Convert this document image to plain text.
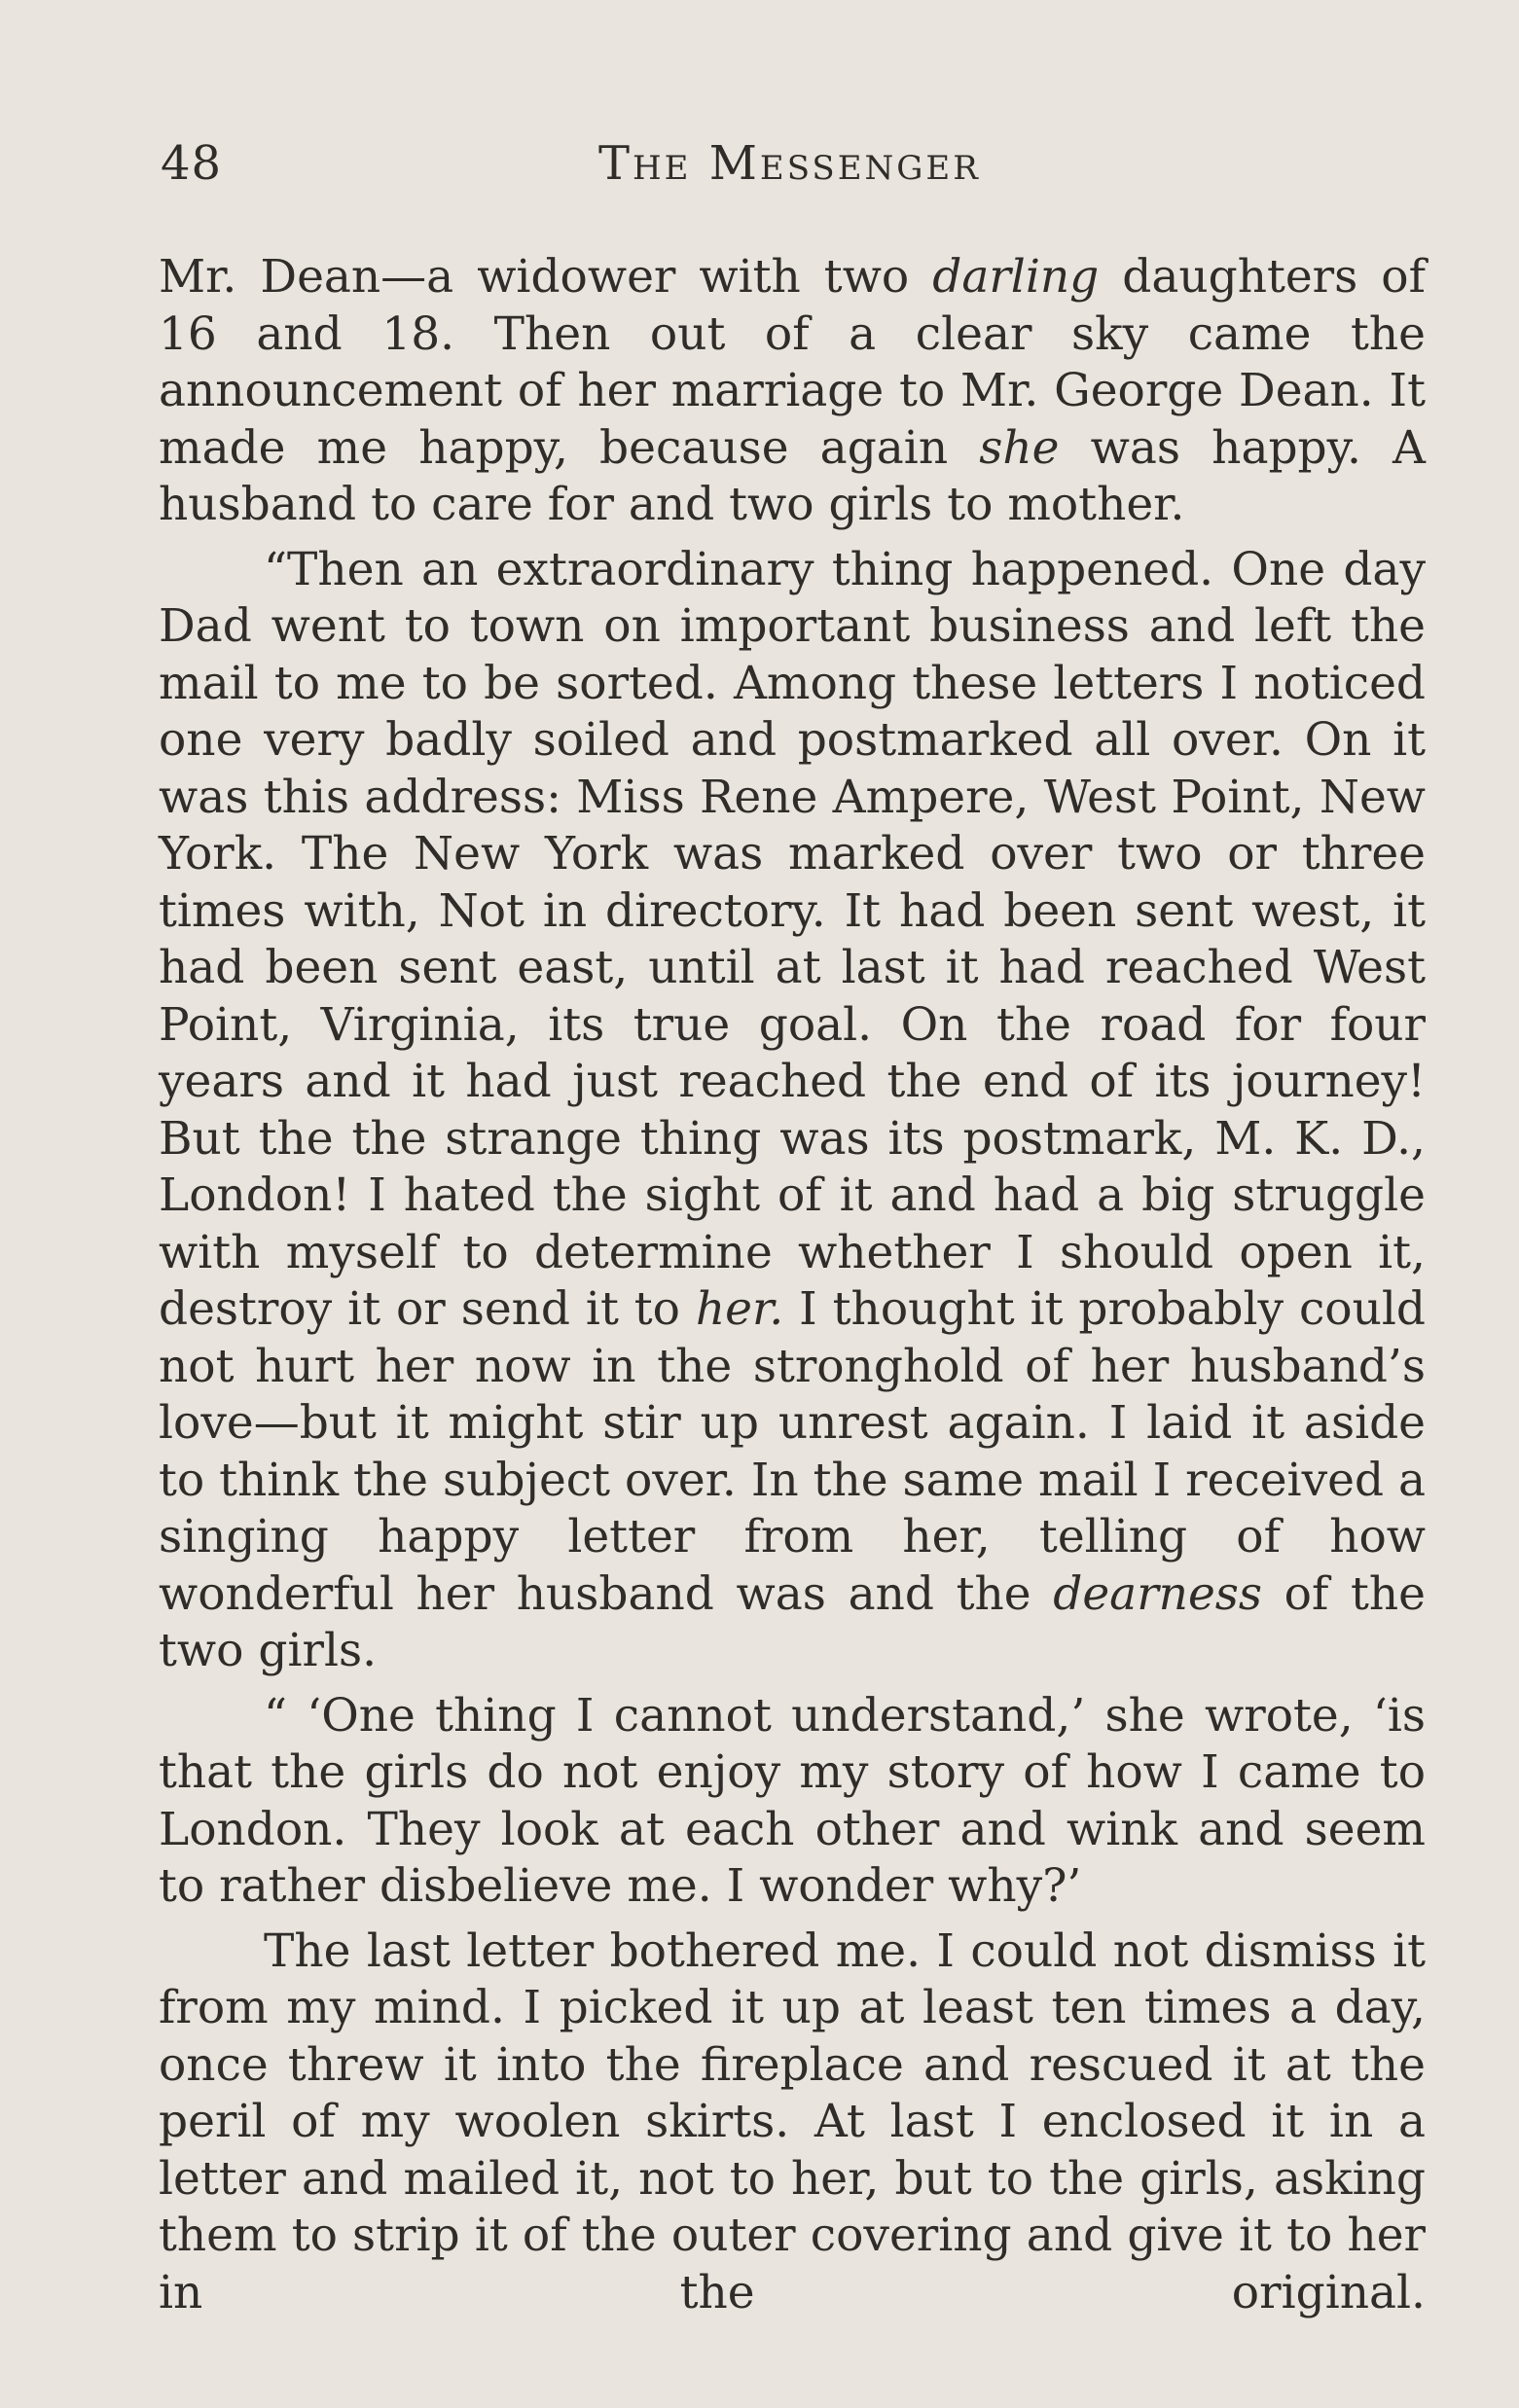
48	The Messenger

Mr. Dean—a widower with two darling daughters of 16 and 18. Then out of a clear sky came the announcement of her marriage to Mr. George Dean. It made me happy, because again she was happy. A husband to care for and two girls to mother.

“Then an extraordinary thing happened. One day Dad went to town on important business and left the mail to me to be sorted. Among these letters I noticed one very badly soiled and postmarked all over. On it was this address: Miss Rene Ampere, West Point, New York. The New York was marked over two or three times with, Not in directory. It had been sent west, it had been sent east, until at last it had reached West Point, Virginia, its true goal. On the road for four years and it had just reached the end of its journey! But the the strange thing was its postmark, M. K. D., London! I hated the sight of it and had a big struggle with myself to determine whether I should open it, destroy it or send it to her. I thought it probably could not hurt her now in the stronghold of her husband’s love—but it might stir up unrest again. I laid it aside to think the subject over. In the same mail I received a singing happy letter from her, telling of how wonderful her husband was and the dearness of the two girls.

“ ‘One thing I cannot understand,’ she wrote, ‘is that the girls do not enjoy my story of how I came to London. They look at each other and wink and seem to rather disbelieve me. I wonder why?’

The last letter bothered me. I could not dismiss it from my mind. I picked it up at least ten times a day, once threw it into the fireplace and rescued it at the peril of my woolen skirts. At last I enclosed it in a letter and mailed it, not to her, but to the girls, asking them to strip it of the outer covering and give it to her in the original.
